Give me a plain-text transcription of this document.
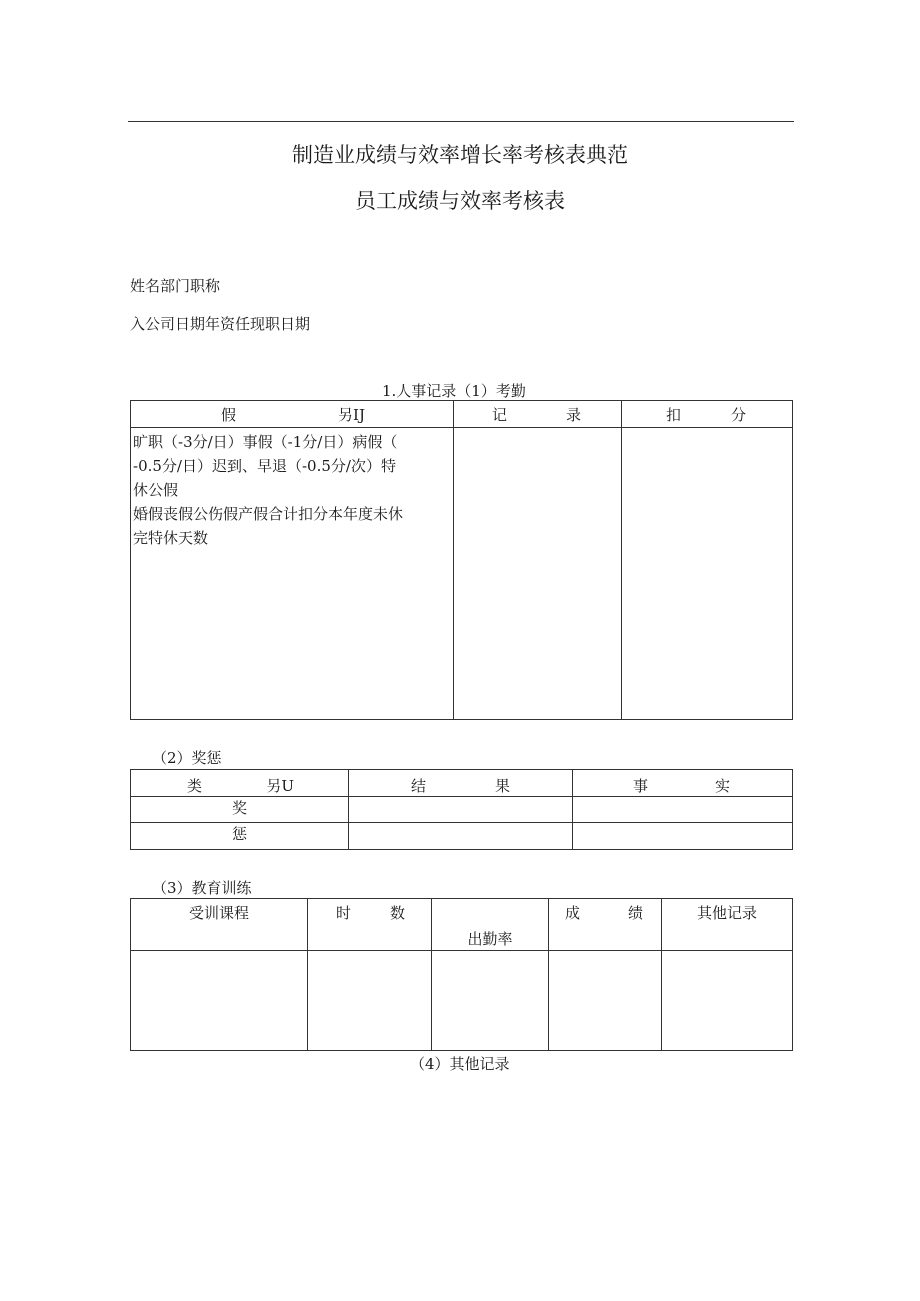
制造业成绩与效率增长率考核表典范
员工成绩与效率考核表
姓名部门职称
入公司日期年资任现职日期
1.人事记录（1）考勤
假 另IJ	记 录	扣 分

旷职（-3分/日）事假（-1分/日）病假（
-0.5分/日）迟到、早退（-0.5分/次）特
休公假
婚假丧假公伤假产假合计扣分本年度未休
完特休天数		

（2）奖惩
类 另U	结 果	事 实

奖		
惩		
（3）教育训练
受训课程	时 数	出勤率	成 绩	其他记录

（4）其他记录
